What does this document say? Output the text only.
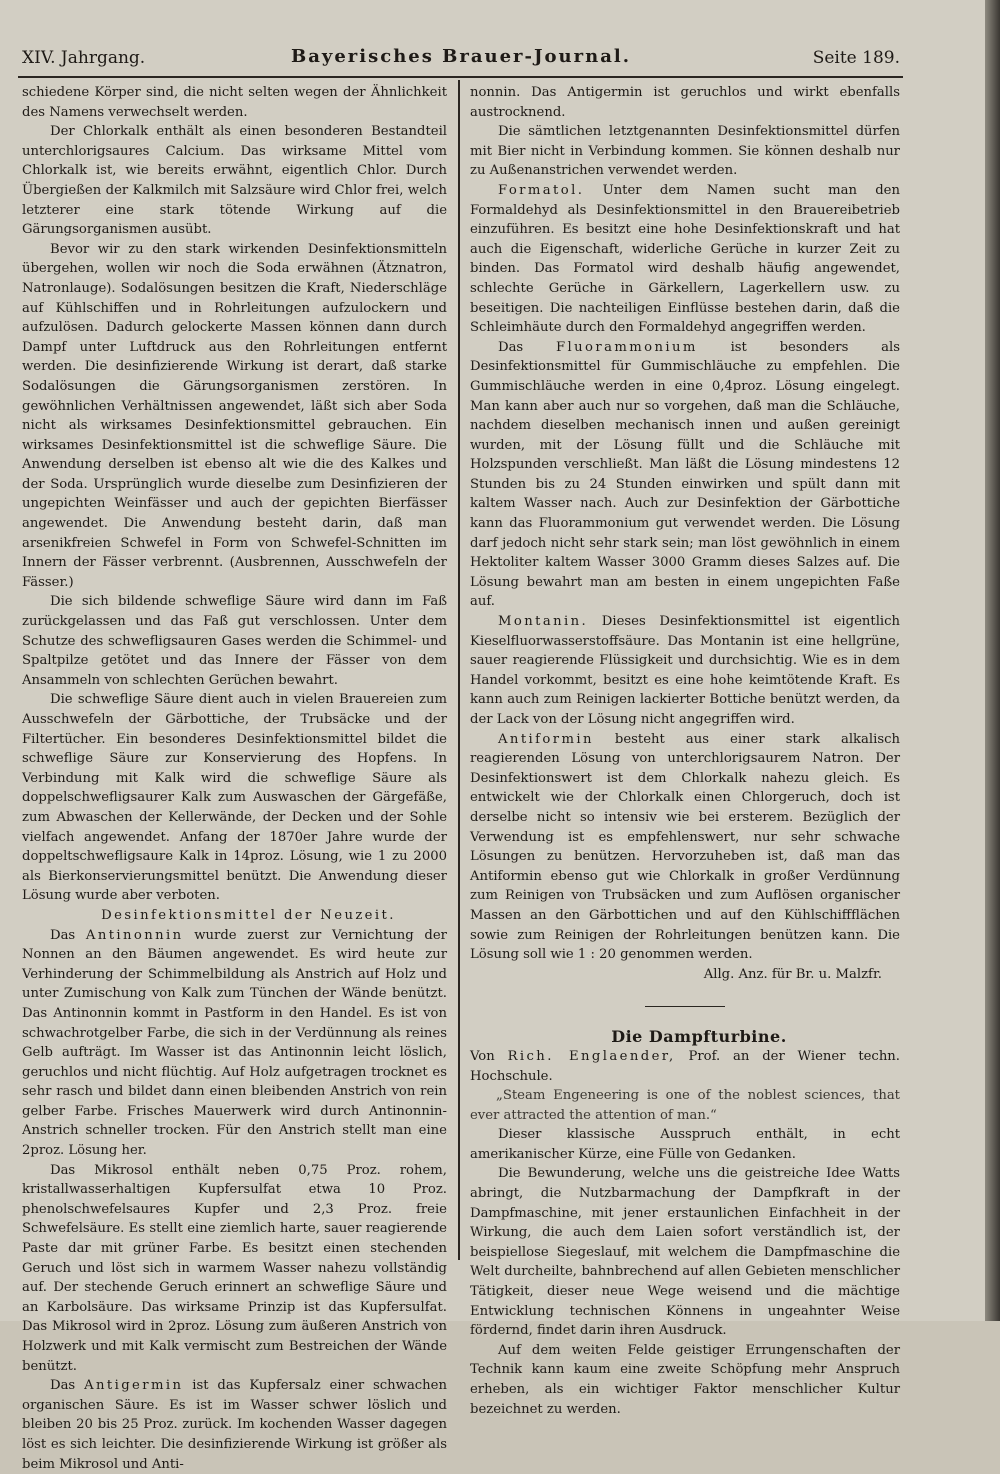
XIV. Jahrgang.	Bayerisches Brauer-Journal.	Seite 189.

schiedene Körper sind, die nicht selten wegen der Ähnlichkeit des Namens verwechselt werden.

Der Chlorkalk enthält als einen besonderen Bestandteil unterchlorigsaures Calcium. Das wirksame Mittel vom Chlorkalk ist, wie bereits erwähnt, eigentlich Chlor. Durch Übergießen der Kalkmilch mit Salzsäure wird Chlor frei, welch letzterer eine stark tötende Wirkung auf die Gärungsorganismen ausübt.

Bevor wir zu den stark wirkenden Desinfektionsmitteln übergehen, wollen wir noch die Soda erwähnen (Ätznatron, Natronlauge). Sodalösungen besitzen die Kraft, Niederschläge auf Kühlschiffen und in Rohrleitungen aufzulockern und aufzulösen. Dadurch gelockerte Massen können dann durch Dampf unter Luftdruck aus den Rohrleitungen entfernt werden. Die desinfizierende Wirkung ist derart, daß starke Sodalösungen die Gärungsorganismen zerstören. In gewöhnlichen Verhältnissen angewendet, läßt sich aber Soda nicht als wirksames Desinfektionsmittel gebrauchen. Ein wirksames Desinfektionsmittel ist die schweflige Säure. Die Anwendung derselben ist ebenso alt wie die des Kalkes und der Soda. Ursprünglich wurde dieselbe zum Desinfizieren der ungepichten Weinfässer und auch der gepichten Bierfässer angewendet. Die Anwendung besteht darin, daß man arsenikfreien Schwefel in Form von Schwefel-Schnitten im Innern der Fässer verbrennt. (Ausbrennen, Ausschwefeln der Fässer.)

Die sich bildende schweflige Säure wird dann im Faß zurückgelassen und das Faß gut verschlossen. Unter dem Schutze des schwefligsauren Gases werden die Schimmel- und Spaltpilze getötet und das Innere der Fässer von dem Ansammeln von schlechten Gerüchen bewahrt.

Die schweflige Säure dient auch in vielen Brauereien zum Ausschwefeln der Gärbottiche, der Trubsäcke und der Filtertücher. Ein besonderes Desinfektionsmittel bildet die schweflige Säure zur Konservierung des Hopfens. In Verbindung mit Kalk wird die schweflige Säure als doppelschwefligsaurer Kalk zum Auswaschen der Gärgefäße, zum Abwaschen der Kellerwände, der Decken und der Sohle vielfach angewendet. Anfang der 1870er Jahre wurde der doppeltschwefligsaure Kalk in 14proz. Lösung, wie 1 zu 2000 als Bierkonservierungsmittel benützt. Die Anwendung dieser Lösung wurde aber verboten.

Desinfektionsmittel der Neuzeit.

Das Antinonnin wurde zuerst zur Vernichtung der Nonnen an den Bäumen angewendet. Es wird heute zur Verhinderung der Schimmelbildung als Anstrich auf Holz und unter Zumischung von Kalk zum Tünchen der Wände benützt. Das Antinonnin kommt in Pastform in den Handel. Es ist von schwachrotgelber Farbe, die sich in der Verdünnung als reines Gelb aufträgt. Im Wasser ist das Antinonnin leicht löslich, geruchlos und nicht flüchtig. Auf Holz aufgetragen trocknet es sehr rasch und bildet dann einen bleibenden Anstrich von rein gelber Farbe. Frisches Mauerwerk wird durch Antinonnin-Anstrich schneller trocken. Für den Anstrich stellt man eine 2proz. Lösung her.

Das Mikrosol enthält neben 0,75 Proz. rohem, kristallwasserhaltigen Kupfersulfat etwa 10 Proz. phenolschwefelsaures Kupfer und 2,3 Proz. freie Schwefelsäure. Es stellt eine ziemlich harte, sauer reagierende Paste dar mit grüner Farbe. Es besitzt einen stechenden Geruch und löst sich in warmem Wasser nahezu vollständig auf. Der stechende Geruch erinnert an schweflige Säure und an Karbolsäure. Das wirksame Prinzip ist das Kupfersulfat. Das Mikrosol wird in 2proz. Lösung zum äußeren Anstrich von Holzwerk und mit Kalk vermischt zum Bestreichen der Wände benützt.

Das Antigermin ist das Kupfersalz einer schwachen organischen Säure. Es ist im Wasser schwer löslich und bleiben 20 bis 25 Proz. zurück. Im kochenden Wasser dagegen löst es sich leichter. Die desinfizierende Wirkung ist größer als beim Mikrosol und Anti-

nonnin. Das Antigermin ist geruchlos und wirkt ebenfalls austrocknend.

Die sämtlichen letztgenannten Desinfektionsmittel dürfen mit Bier nicht in Verbindung kommen. Sie können deshalb nur zu Außenanstrichen verwendet werden.

Formatol. Unter dem Namen sucht man den Formaldehyd als Desinfektionsmittel in den Brauereibetrieb einzuführen. Es besitzt eine hohe Desinfektionskraft und hat auch die Eigenschaft, widerliche Gerüche in kurzer Zeit zu binden. Das Formatol wird deshalb häufig angewendet, schlechte Gerüche in Gärkellern, Lagerkellern usw. zu beseitigen. Die nachteiligen Einflüsse bestehen darin, daß die Schleimhäute durch den Formaldehyd angegriffen werden.

Das Fluorammonium ist besonders als Desinfektionsmittel für Gummischläuche zu empfehlen. Die Gummischläuche werden in eine 0,4proz. Lösung eingelegt. Man kann aber auch nur so vorgehen, daß man die Schläuche, nachdem dieselben mechanisch innen und außen gereinigt wurden, mit der Lösung füllt und die Schläuche mit Holzspunden verschließt. Man läßt die Lösung mindestens 12 Stunden bis zu 24 Stunden einwirken und spült dann mit kaltem Wasser nach. Auch zur Desinfektion der Gärbottiche kann das Fluorammonium gut verwendet werden. Die Lösung darf jedoch nicht sehr stark sein; man löst gewöhnlich in einem Hektoliter kaltem Wasser 3000 Gramm dieses Salzes auf. Die Lösung bewahrt man am besten in einem ungepichten Faße auf.

Montanin. Dieses Desinfektionsmittel ist eigentlich Kieselfluorwasserstoffsäure. Das Montanin ist eine hellgrüne, sauer reagierende Flüssigkeit und durchsichtig. Wie es in dem Handel vorkommt, besitzt es eine hohe keimtötende Kraft. Es kann auch zum Reinigen lackierter Bottiche benützt werden, da der Lack von der Lösung nicht angegriffen wird.

Antiformin besteht aus einer stark alkalisch reagierenden Lösung von unterchlorigsaurem Natron. Der Desinfektionswert ist dem Chlorkalk nahezu gleich. Es entwickelt wie der Chlorkalk einen Chlorgeruch, doch ist derselbe nicht so intensiv wie bei ersterem. Bezüglich der Verwendung ist es empfehlenswert, nur sehr schwache Lösungen zu benützen. Hervorzuheben ist, daß man das Antiformin ebenso gut wie Chlorkalk in großer Verdünnung zum Reinigen von Trubsäcken und zum Auflösen organischer Massen an den Gärbottichen und auf den Kühlschiffflächen sowie zum Reinigen der Rohrleitungen benützen kann. Die Lösung soll wie 1 : 20 genommen werden.

Allg. Anz. für Br. u. Malzfr.

Die Dampfturbine.

Von Rich. Englaender, Prof. an der Wiener techn. Hochschule.

„Steam Engeneering is one of the noblest sciences, that ever attracted the attention of man.“

Dieser klassische Ausspruch enthält, in echt amerikanischer Kürze, eine Fülle von Gedanken.

Die Bewunderung, welche uns die geistreiche Idee Watts abringt, die Nutzbarmachung der Dampfkraft in der Dampfmaschine, mit jener erstaunlichen Einfachheit in der Wirkung, die auch dem Laien sofort verständlich ist, der beispiellose Siegeslauf, mit welchem die Dampfmaschine die Welt durcheilte, bahnbrechend auf allen Gebieten menschlicher Tätigkeit, dieser neue Wege weisend und die mächtige Entwicklung technischen Könnens in ungeahnter Weise fördernd, findet darin ihren Ausdruck.

Auf dem weiten Felde geistiger Errungenschaften der Technik kann kaum eine zweite Schöpfung mehr Anspruch erheben, als ein wichtiger Faktor menschlicher Kultur bezeichnet zu werden.
